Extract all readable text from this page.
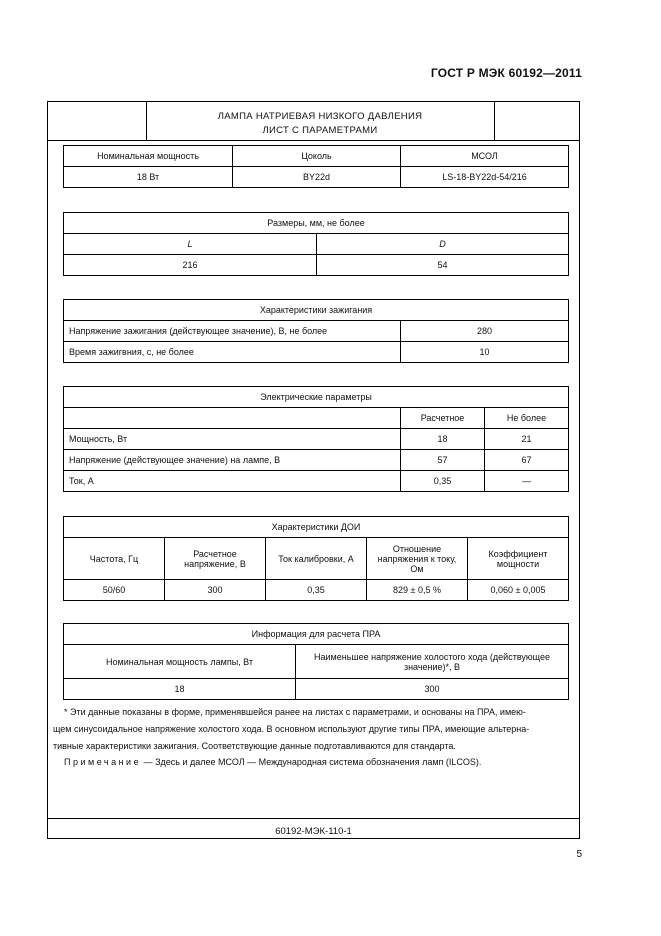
ГОСТ Р МЭК 60192—2011
ЛАМПА НАТРИЕВАЯ НИЗКОГО ДАВЛЕНИЯ
ЛИСТ С ПАРАМЕТРАМИ
60192-МЭК-110-1
Номинальная мощность	Цоколь	МСОЛ
18 Вт	BY22d	LS-18-BY22d-54/216
Размеры, мм, не более	
L	D
216	54
Характеристики зажигания	
Напряжение зажигания (действующее значение), В, не более	280
Время зажигвния, с, не более	10
Электрические параметры		
	Расчетное	Не более
Мощность, Вт	18	21
Напряжение (действующее значение) на лампе, В	57	67
Ток, А	0,35	—
Характеристики ДОИ				
Частота, Гц	Расчетное напряжение, В	Ток калибровки, А	Отношение напряжения к току, Ом	Коэффициент мощности
50/60	300	0,35	829 ± 0,5 %	0,060 ± 0,005
Информация для расчета ПРА	
Номинальная мощность лампы, Вт	Наименьшее напряжение холостого хода (действующее значение)*, В
18	300
* Эти данные показаны в форме, применявшейся ранее на листах с параметрами, и основаны на ПРА, имею-
щем синусоидальное напряжение холостого хода. В основном используют другие типы ПРА, имеющие альтерна-
тивные характеристики зажигания. Соответствующие данные подготавливаются для стандарта.
Примечание — Здесь и далее МСОЛ — Международная система обозначения ламп (ILCOS).
5
